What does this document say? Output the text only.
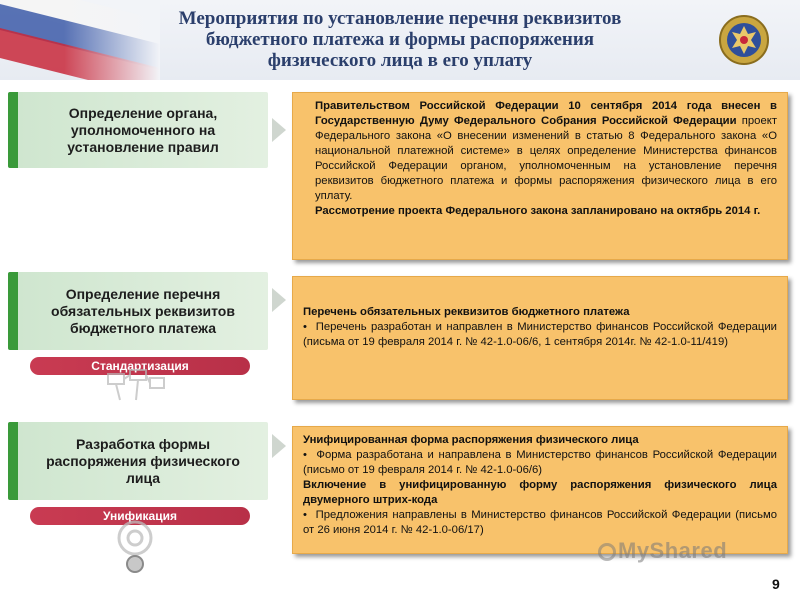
Мероприятия по установление перечня реквизитов
бюджетного платежа и формы распоряжения
физического лица в его уплату
Определение органа, уполномоченного на установление правил

Правительством Российской Федерации 10 сентября 2014 года внесен в Государственную Думу Федерального Собрания Российской Федерации проект Федерального закона «О внесении изменений в статью 8 Федерального закона «О национальной платежной системе» в целях определение Министерства финансов Российской Федерации органом, уполномоченным на установление перечня реквизитов бюджетного платежа и формы распоряжения физического лица в его уплату.

Рассмотрение проекта Федерального закона запланировано на октябрь 2014 г.

Определение перечня обязательных реквизитов бюджетного платежа
Стандартизация

Перечень обязательных реквизитов бюджетного платежа

•  Перечень разработан и направлен в Министерство финансов Российской Федерации (письма от 19 февраля 2014 г. № 42-1.0-06/6, 1 сентября 2014г. № 42-1.0-11/419)

Разработка формы распоряжения физического лица
Унификация

Унифицированная форма распоряжения физического лица

•  Форма разработана и направлена в Министерство финансов Российской Федерации (письмо от 19 февраля 2014 г. № 42-1.0-06/6)

Включение в унифицированную форму распоряжения физического лица двумерного штрих-кода

•  Предложения направлены в Министерство финансов Российской Федерации (письмо от 26 июня 2014 г. № 42-1.0-06/17)

MyShared
9
